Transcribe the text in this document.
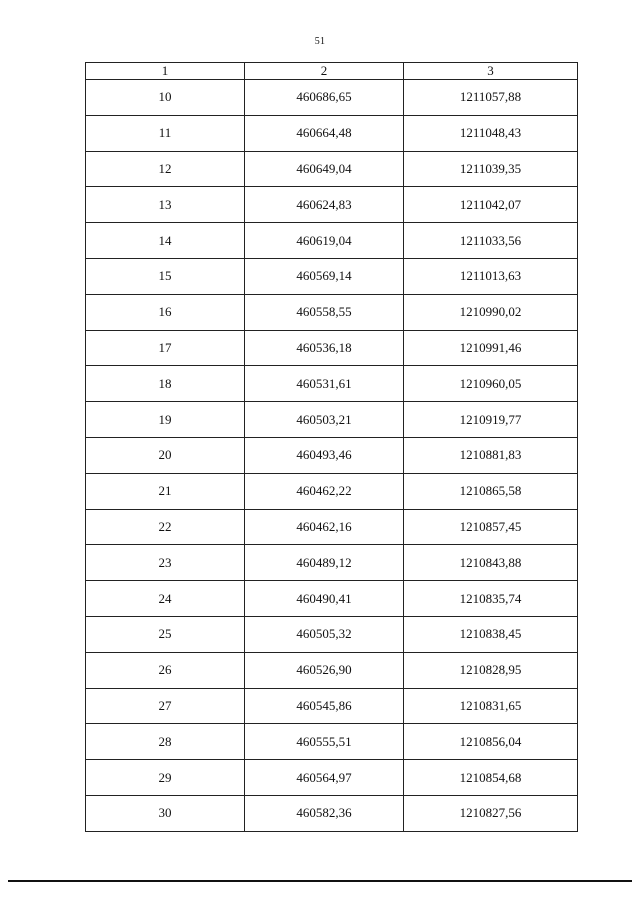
51
1	2	3
10	460686,65	1211057,88
11	460664,48	1211048,43
12	460649,04	1211039,35
13	460624,83	1211042,07
14	460619,04	1211033,56
15	460569,14	1211013,63
16	460558,55	1210990,02
17	460536,18	1210991,46
18	460531,61	1210960,05
19	460503,21	1210919,77
20	460493,46	1210881,83
21	460462,22	1210865,58
22	460462,16	1210857,45
23	460489,12	1210843,88
24	460490,41	1210835,74
25	460505,32	1210838,45
26	460526,90	1210828,95
27	460545,86	1210831,65
28	460555,51	1210856,04
29	460564,97	1210854,68
30	460582,36	1210827,56
